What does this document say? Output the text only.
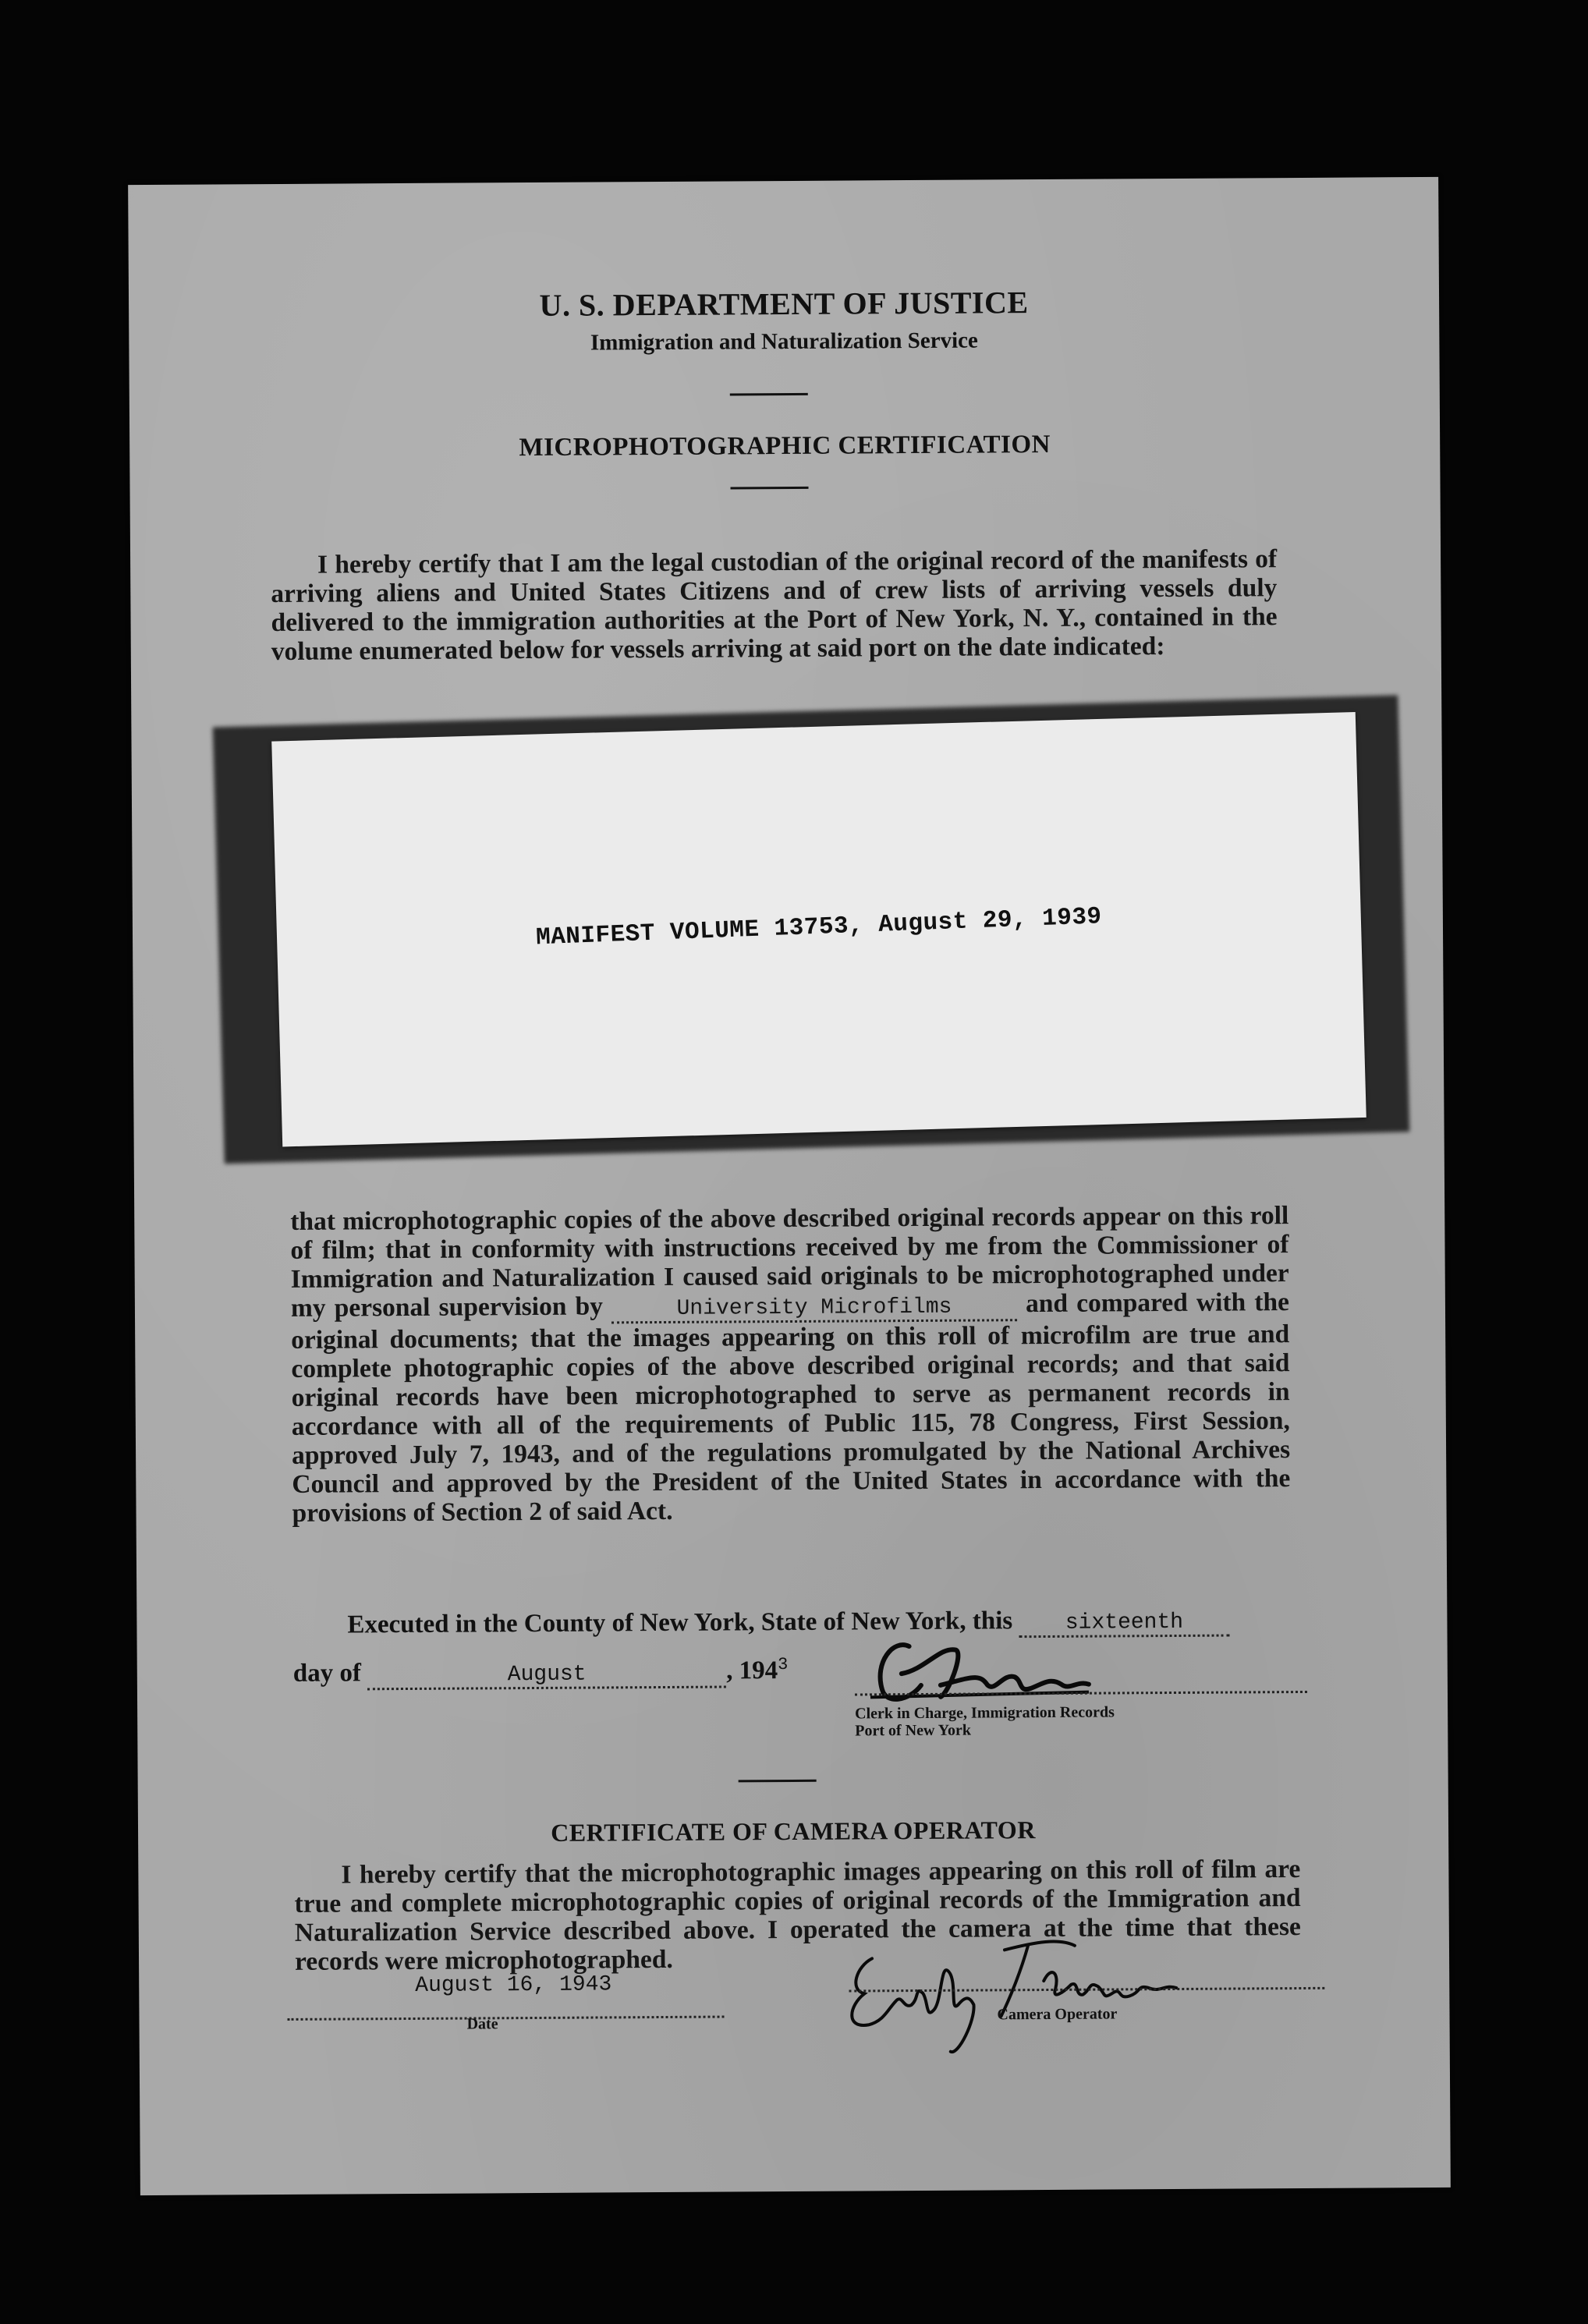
U. S. DEPARTMENT OF JUSTICE
Immigration and Naturalization Service
MICROPHOTOGRAPHIC CERTIFICATION
I hereby certify that I am the legal custodian of the original record of the manifests of arriving aliens and United States Citizens and of crew lists of arriving vessels duly delivered to the immigration authorities at the Port of New York, N. Y., contained in the volume enumerated below for vessels arriving at said port on the date indicated:
MANIFEST VOLUME 13753, August 29, 1939
that microphotographic copies of the above described original records appear on this roll of film; that in conformity with instructions received by me from the Commissioner of Immigration and Naturalization I caused said originals to be microphotographed under my personal supervision by	University Microfilms	and compared with the original documents; that the images appearing on this roll of microfilm are true and complete photographic copies of the above described original records; and that said original records have been microphotographed to serve as permanent records in accordance with all of the requirements of Public 115, 78 Congress, First Session, approved July 7, 1943, and of the regulations promulgated by the National Archives Council and approved by the President of the United States in accordance with the provisions of Section 2 of said Act.
Executed in the County of New York, State of New York, this sixteenth
day of	August	, $194^3$
Clerk in Charge, Immigration Records
Port of New York
CERTIFICATE OF CAMERA OPERATOR
I hereby certify that the microphotographic images appearing on this roll of film are true and complete microphotographic copies of original records of the Immigration and Naturalization Service described above. I operated the camera at the time that these records were microphotographed.
August 16, 1943
Date
Camera Operator
